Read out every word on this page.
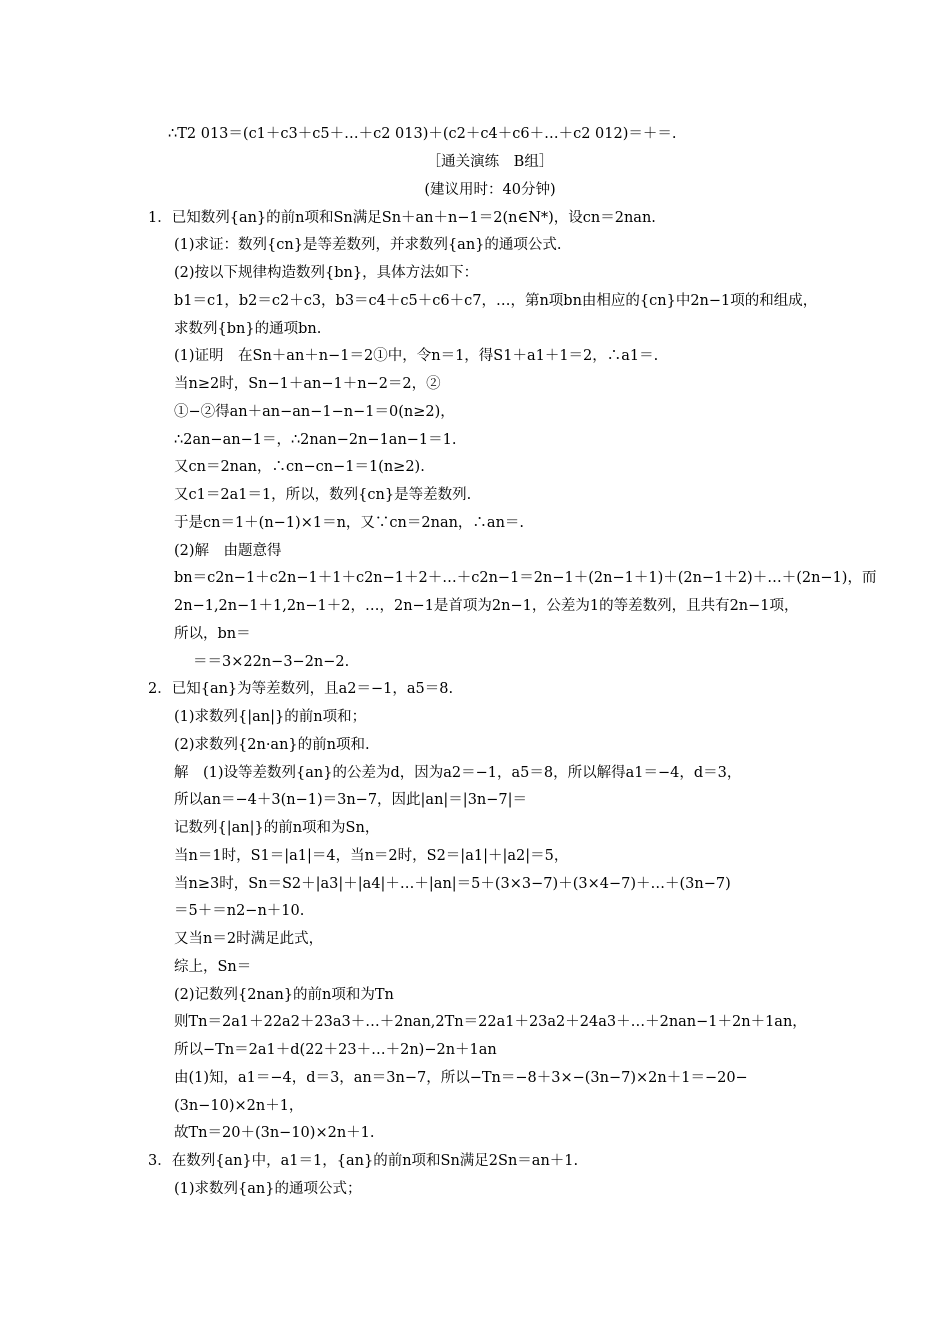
∴T2 013＝(c1＋c3＋c5＋…＋c2 013)＋(c2＋c4＋c6＋…＋c2 012)＝＋＝.
［通关演练　B组］
(建议用时：40分钟)
1．已知数列{an}的前n项和Sn满足Sn＋an＋n−1＝2(n∈N*)，设cn＝2nan.
(1)求证：数列{cn}是等差数列，并求数列{an}的通项公式.
(2)按以下规律构造数列{bn}，具体方法如下：
b1＝c1，b2＝c2＋c3，b3＝c4＋c5＋c6＋c7，…，第n项bn由相应的{cn}中2n−1项的和组成，
求数列{bn}的通项bn.
(1)证明　在Sn＋an＋n−1＝2①中，令n＝1，得S1＋a1＋1＝2，∴a1＝.
当n≥2时，Sn−1＋an−1＋n−2＝2，②
①−②得an＋an−an−1−n−1＝0(n≥2)，
∴2an−an−1＝，∴2nan−2n−1an−1＝1.
又cn＝2nan，∴cn−cn−1＝1(n≥2).
又c1＝2a1＝1，所以，数列{cn}是等差数列.
于是cn＝1＋(n−1)×1＝n，又∵cn＝2nan，∴an＝.
(2)解　由题意得
bn＝c2n−1＋c2n−1＋1＋c2n−1＋2＋…＋c2n−1＝2n−1＋(2n−1＋1)＋(2n−1＋2)＋…＋(2n−1)，而
2n−1,2n−1＋1,2n−1＋2，…，2n−1是首项为2n−1，公差为1的等差数列，且共有2n−1项，
所以，bn＝
＝＝3×22n−3−2n−2.
2．已知{an}为等差数列，且a2＝−1，a5＝8.
(1)求数列{|an|}的前n项和；
(2)求数列{2n·an}的前n项和.
解　(1)设等差数列{an}的公差为d，因为a2＝−1，a5＝8，所以解得a1＝−4，d＝3，
所以an＝−4＋3(n−1)＝3n−7，因此|an|＝|3n−7|＝
记数列{|an|}的前n项和为Sn，
当n＝1时，S1＝|a1|＝4，当n＝2时，S2＝|a1|＋|a2|＝5，
当n≥3时，Sn＝S2＋|a3|＋|a4|＋…＋|an|＝5＋(3×3−7)＋(3×4−7)＋…＋(3n−7)
＝5＋＝n2−n＋10.
又当n＝2时满足此式，
综上，Sn＝
(2)记数列{2nan}的前n项和为Tn
则Tn＝2a1＋22a2＋23a3＋…＋2nan,2Tn＝22a1＋23a2＋24a3＋…＋2nan−1＋2n＋1an，
所以−Tn＝2a1＋d(22＋23＋…＋2n)−2n＋1an
由(1)知，a1＝−4，d＝3，an＝3n−7，所以−Tn＝−8＋3×−(3n−7)×2n＋1＝−20−
(3n−10)×2n＋1，
故Tn＝20＋(3n−10)×2n＋1.
3．在数列{an}中，a1＝1，{an}的前n项和Sn满足2Sn＝an＋1.
(1)求数列{an}的通项公式；
